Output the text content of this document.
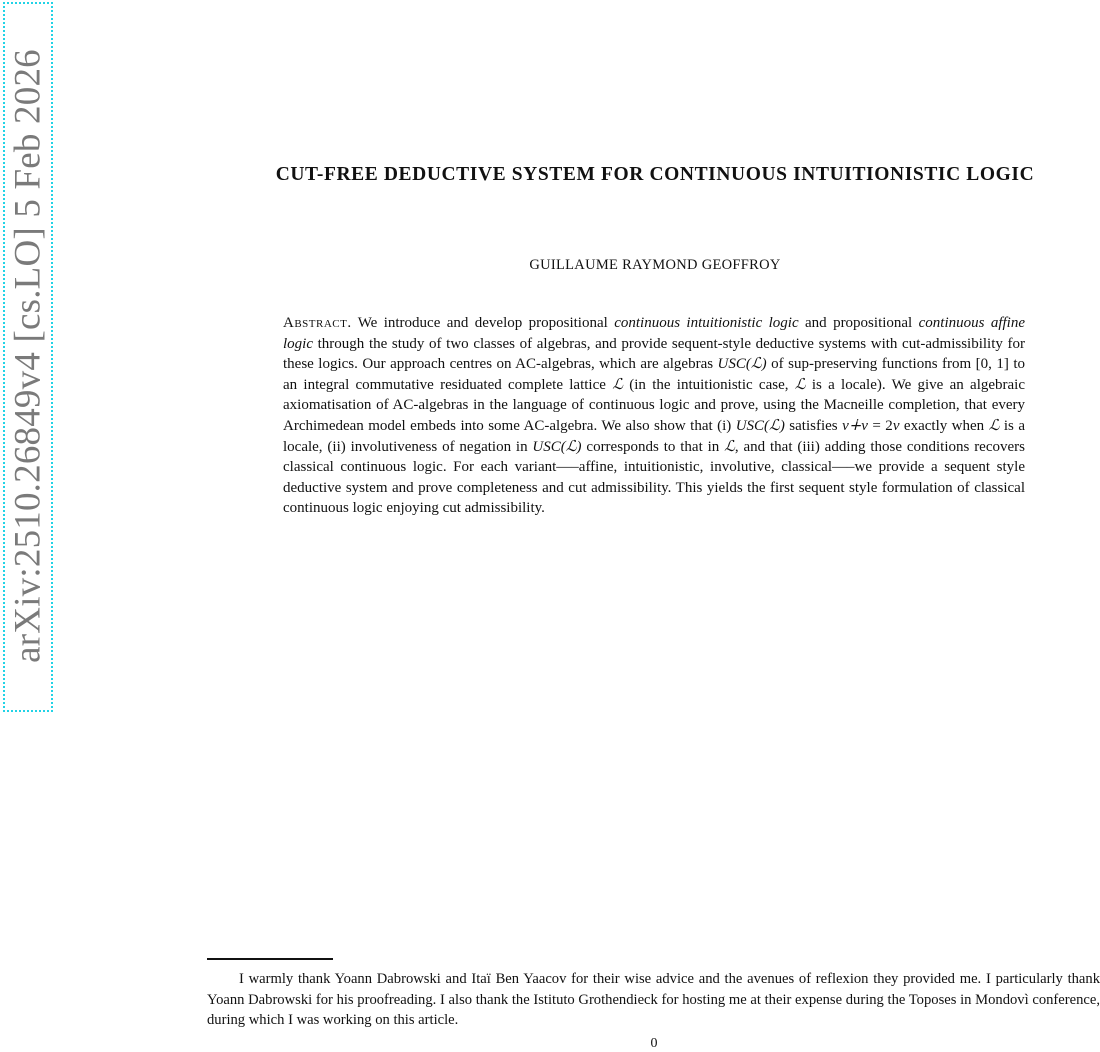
arXiv:2510.26849v4 [cs.LO] 5 Feb 2026	CUT-FREE DEDUCTIVE SYSTEM FOR CONTINUOUS INTUITIONISTIC LOGIC
GUILLAUME RAYMOND GEOFFROY
Abstract. We introduce and develop propositional continuous intuitionistic logic and propositional continuous affine logic through the study of two classes of algebras, and provide sequent-style deductive systems with cut-admissibility for these logics. Our approach centres on AC-algebras, which are algebras USC(ℒ) of sup-preserving functions from [0, 1] to an integral commutative residuated complete lattice ℒ (in the intuitionistic case, ℒ is a locale). We give an algebraic axiomatisation of AC-algebras in the language of continuous logic and prove, using the Macneille completion, that every Archimedean model embeds into some AC-algebra. We also show that (i) USC(ℒ) satisfies v∔v = 2v exactly when ℒ is a locale, (ii) involutiveness of negation in USC(ℒ) corresponds to that in ℒ, and that (iii) adding those conditions recovers classical continuous logic. For each variant—–affine, intuitionistic, involutive, classical—–we provide a sequent style deductive system and prove completeness and cut admissibility. This yields the first sequent style formulation of classical continuous logic enjoying cut admissibility.
I warmly thank Yoann Dabrowski and Itaï Ben Yaacov for their wise advice and the avenues of reflexion they provided me. I particularly thank Yoann Dabrowski for his proofreading. I also thank the Istituto Grothendieck for hosting me at their expense during the Toposes in Mondovì conference, during which I was working on this article.
0
